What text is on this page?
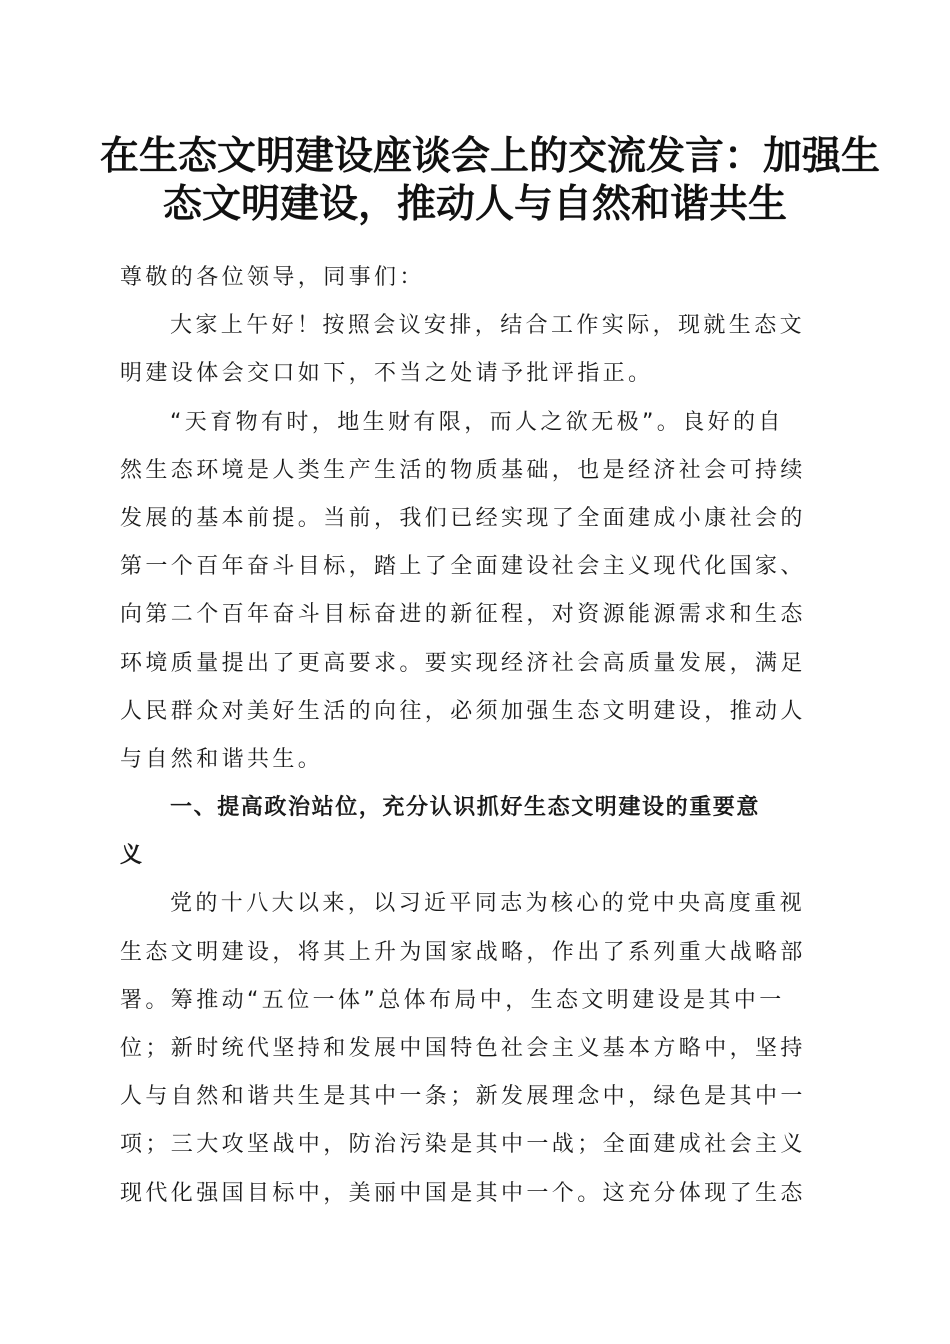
在生态文明建设座谈会上的交流发言：加强生
态文明建设，推动人与自然和谐共生
尊敬的各位领导，同事们：
大家上午好！按照会议安排，结合工作实际，现就生态文
明建设体会交口如下，不当之处请予批评指正。
“天育物有时，地生财有限，而人之欲无极”。良好的自
然生态环境是人类生产生活的物质基础，也是经济社会可持续
发展的基本前提。当前，我们已经实现了全面建成小康社会的
第一个百年奋斗目标，踏上了全面建设社会主义现代化国家、
向第二个百年奋斗目标奋进的新征程，对资源能源需求和生态
环境质量提出了更高要求。要实现经济社会高质量发展，满足
人民群众对美好生活的向往，必须加强生态文明建设，推动人
与自然和谐共生。
一、提高政治站位，充分认识抓好生态文明建设的重要意
义
党的十八大以来，以习近平同志为核心的党中央高度重视
生态文明建设，将其上升为国家战略，作出了系列重大战略部
署。筹推动“五位一体”总体布局中，生态文明建设是其中一
位；新时统代坚持和发展中国特色社会主义基本方略中，坚持
人与自然和谐共生是其中一条；新发展理念中，绿色是其中一
项；三大攻坚战中，防治污染是其中一战；全面建成社会主义
现代化强国目标中，美丽中国是其中一个。这充分体现了生态
